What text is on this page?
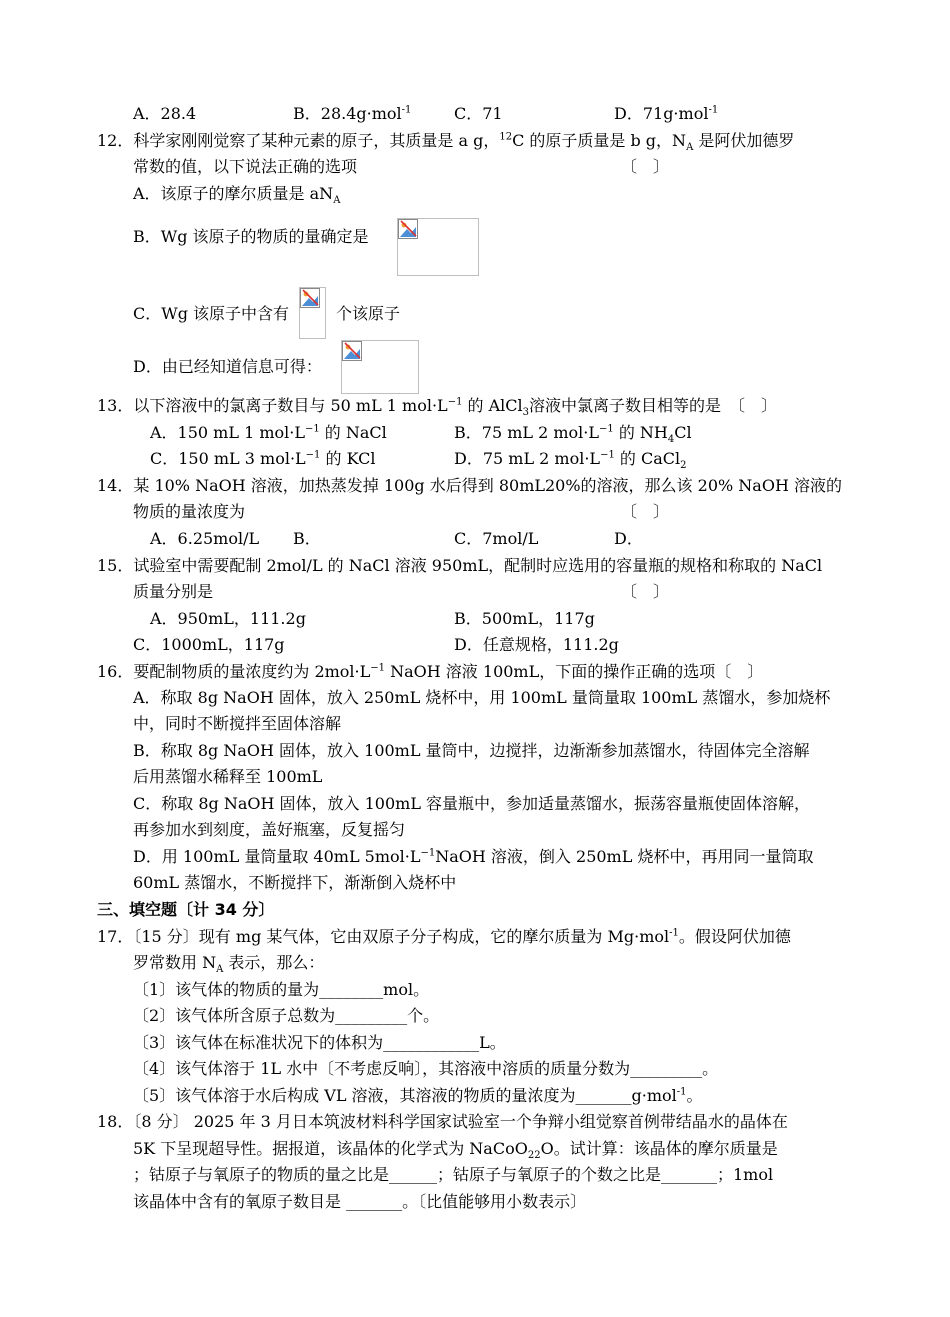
A．28.4	B．28.4g·mol$^{-1}$	C．71	D．71g·mol$^{-1}$
12．科学家刚刚觉察了某种元素的原子，其质量是 a g，$^{12}$C 的原子质量是 b g，$N_A$ 是阿伏加德罗
常数的值，以下说法正确的选项	〔　〕
A．该原子的摩尔质量是 $aN_A$
B．Wg 该原子的物质的量确定是
C．Wg 该原子中含有	个该原子
D．由已经知道信息可得：
13．以下溶液中的氯离子数目与 50 mL 1 $mol\cdot L^{-1}$ 的 AlCl$_3$溶液中氯离子数目相等的是　〔　〕
A．150 mL 1 $mol\cdot L^{-1}$ 的 NaCl	B．75 mL 2 $mol\cdot L^{-1}$ 的 $NH_4Cl$
C．150 mL 3 $mol\cdot L^{-1}$ 的 KCl	D．75 mL 2 $mol\cdot L^{-1}$ 的 CaCl$_2$
14．某 10% NaOH 溶液，加热蒸发掉 100g 水后得到 80mL20%的溶液，那么该 20% NaOH 溶液的
物质的量浓度为	〔　〕
A．6.25mol/L B．	C．7mol/L	D．
15．试验室中需要配制 2mol/L 的 NaCl 溶液 950mL，配制时应选用的容量瓶的规格和称取的 NaCl
质量分别是	〔　〕
A．950mL，111.2g	B．500mL，117g
C．1000mL，117g	D．任意规格，111.2g
16．要配制物质的量浓度约为 $2mol\cdot L^{-1}$ NaOH 溶液 100mL，下面的操作正确的选项〔　〕
A．称取 8g NaOH 固体，放入 250mL 烧杯中，用 100mL 量筒量取 100mL 蒸馏水，参加烧杯
中，同时不断搅拌至固体溶解
B．称取 8g NaOH 固体，放入 100mL 量筒中，边搅拌，边渐渐参加蒸馏水，待固体完全溶解
后用蒸馏水稀释至 100mL
C．称取 8g NaOH 固体，放入 100mL 容量瓶中，参加适量蒸馏水，振荡容量瓶使固体溶解，
再参加水到刻度，盖好瓶塞，反复摇匀
D．用 100mL 量筒量取 40mL $5mol\cdot L^{-1}NaOH$ 溶液，倒入 250mL 烧杯中，再用同一量筒取
60mL 蒸馏水，不断搅拌下，渐渐倒入烧杯中
三、填空题〔计 34 分〕
17．〔15 分〕现有 mg 某气体，它由双原子分子构成，它的摩尔质量为 Mg·mol$^{-1}$。假设阿伏加德
罗常数用 $N_A$ 表示，那么：
〔1〕该气体的物质的量为________mol。
〔2〕该气体所含原子总数为_________个。
〔3〕该气体在标准状况下的体积为____________L。
〔4〕该气体溶于 1L 水中〔不考虑反响〕，其溶液中溶质的质量分数为_________。
〔5〕该气体溶于水后构成 VL 溶液，其溶液的物质的量浓度为_______g·mol$^{-1}$。
18．〔8 分〕 2025 年 3 月日本筑波材料科学国家试验室一个争辩小组觉察首例带结晶水的晶体在
5K 下呈现超导性。据报道，该晶体的化学式为 NaCoO$_{22}$O。试计算：该晶体的摩尔质量是
；钴原子与氧原子的物质的量之比是______；钴原子与氧原子的个数之比是_______；1mol
该晶体中含有的氧原子数目是 _______。〔比值能够用小数表示〕
